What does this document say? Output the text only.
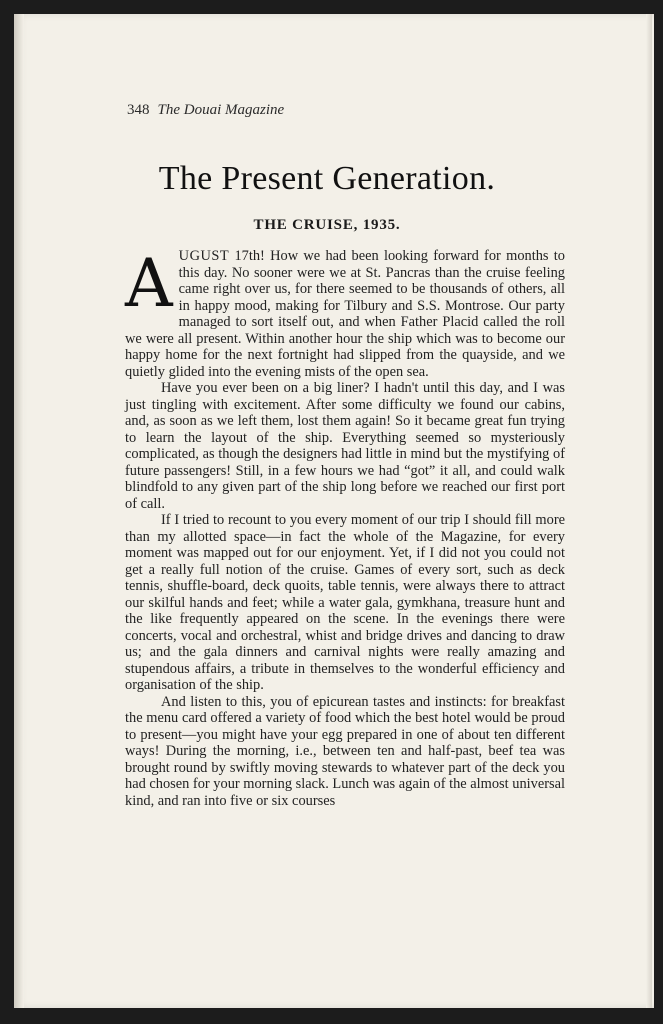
348 The Douai Magazine
The Present Generation.
THE CRUISE, 1935.

AUGUST 17th! How we had been looking forward for months to this day. No sooner were we at St. Pancras than the cruise feeling came right over us, for there seemed to be thousands of others, all in happy mood, making for Tilbury and S.S. Montrose. Our party managed to sort itself out, and when Father Placid called the roll we were all present. Within another hour the ship which was to become our happy home for the next fortnight had slipped from the quayside, and we quietly glided into the evening mists of the open sea.

Have you ever been on a big liner? I hadn't until this day, and I was just tingling with excitement. After some difficulty we found our cabins, and, as soon as we left them, lost them again! So it became great fun trying to learn the layout of the ship. Everything seemed so mysteriously complicated, as though the designers had little in mind but the mystifying of future passengers! Still, in a few hours we had “got” it all, and could walk blindfold to any given part of the ship long before we reached our first port of call.

If I tried to recount to you every moment of our trip I should fill more than my allotted space—in fact the whole of the Magazine, for every moment was mapped out for our enjoyment. Yet, if I did not you could not get a really full notion of the cruise. Games of every sort, such as deck tennis, shuffle-board, deck quoits, table tennis, were always there to attract our skilful hands and feet; while a water gala, gymkhana, treasure hunt and the like frequently appeared on the scene. In the evenings there were concerts, vocal and orchestral, whist and bridge drives and dancing to draw us; and the gala dinners and carnival nights were really amazing and stupendous affairs, a tribute in themselves to the wonderful efficiency and organisation of the ship.

And listen to this, you of epicurean tastes and instincts: for breakfast the menu card offered a variety of food which the best hotel would be proud to present—you might have your egg prepared in one of about ten different ways! During the morning, i.e., between ten and half-past, beef tea was brought round by swiftly moving stewards to whatever part of the deck you had chosen for your morning slack. Lunch was again of the almost universal kind, and ran into five or six courses
